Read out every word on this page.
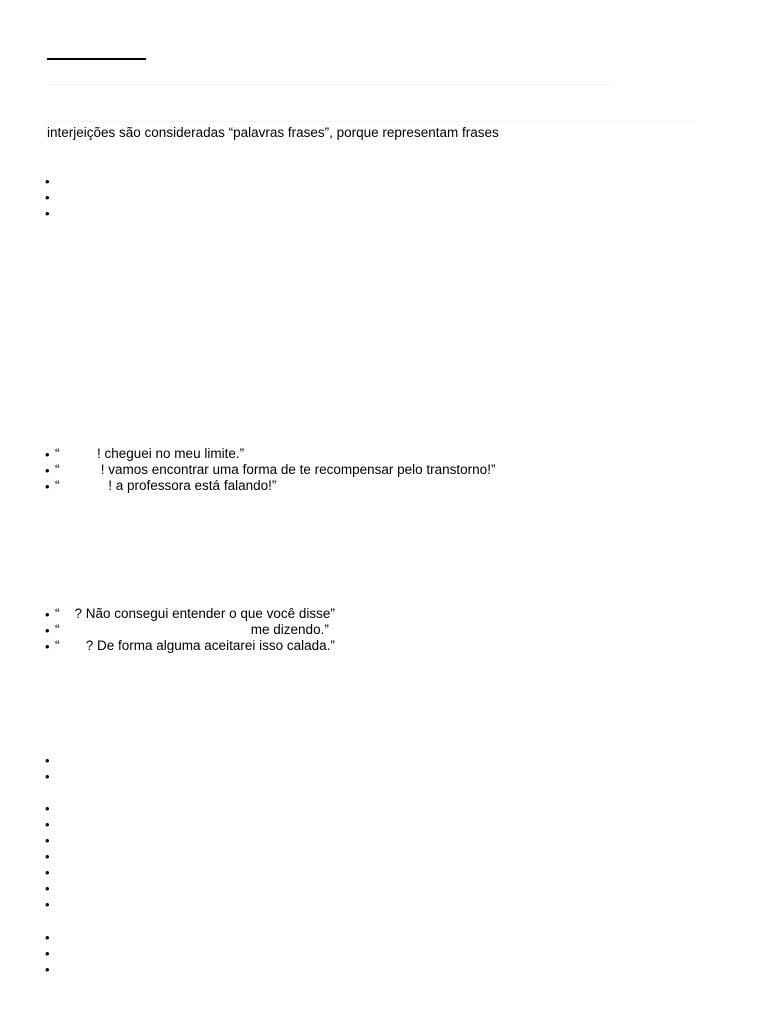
interjeições são consideradas “palavras frases”, porque representam frases
•
•
•
• “          ! cheguei no meu limite.”
• “           ! vamos encontrar uma forma de te recompensar pelo transtorno!”
• “             ! a professora está falando!”
• “    ? Não consegui entender o que você disse”
• “                                                   me dizendo.”
• “       ? De forma alguma aceitarei isso calada.”
•
•
•
•
•
•
•
•
•
•
•
•
